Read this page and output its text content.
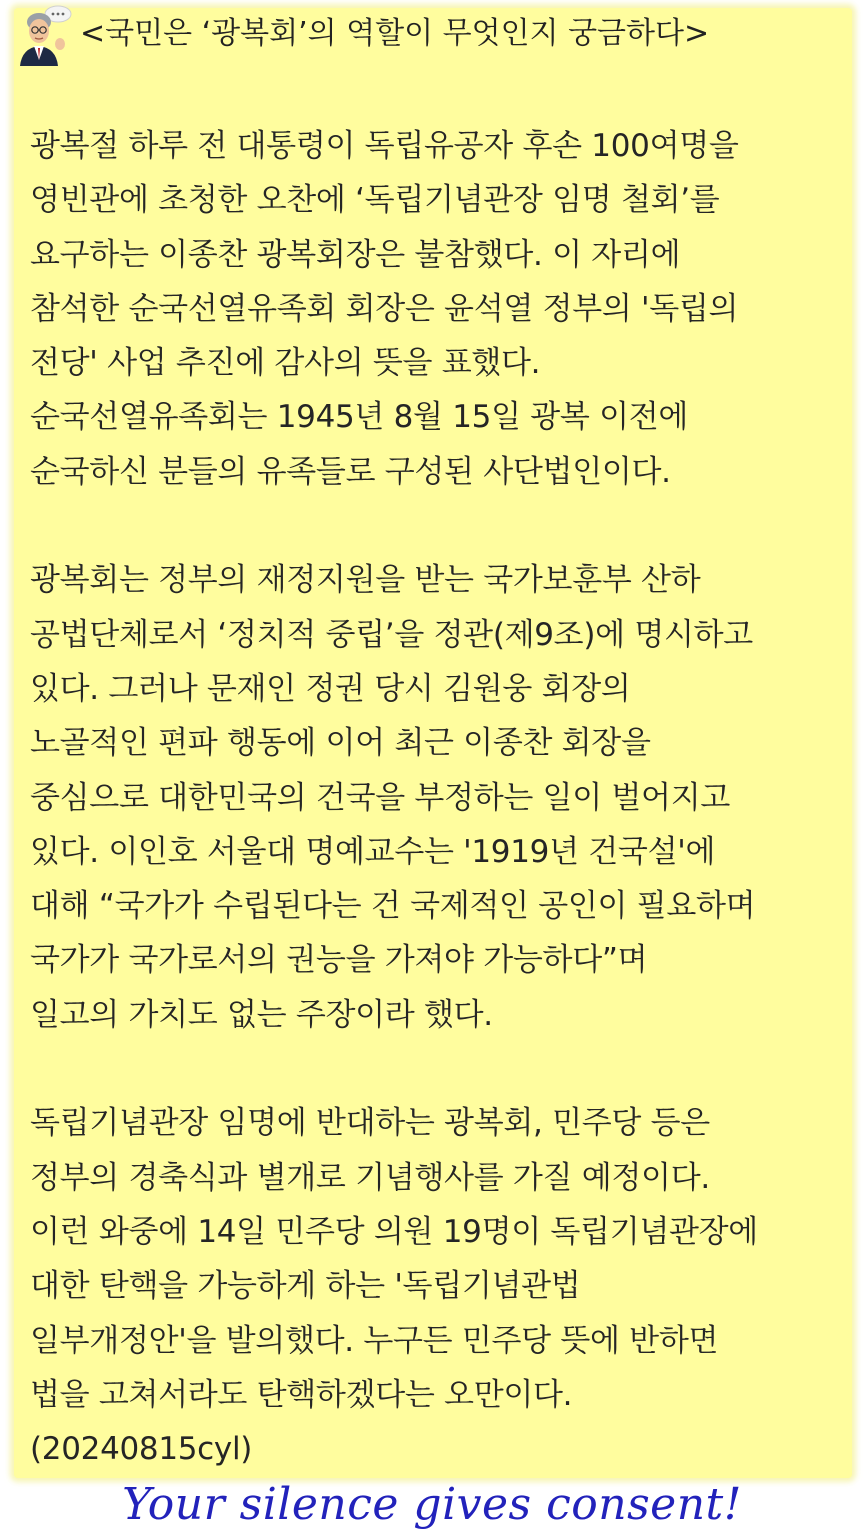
<국민은 ‘광복회’의 역할이 무엇인지 궁금하다>
광복절 하루 전 대통령이 독립유공자 후손 100여명을
영빈관에 초청한 오찬에 ‘독립기념관장 임명 철회’를
요구하는 이종찬 광복회장은 불참했다. 이 자리에
참석한 순국선열유족회 회장은 윤석열 정부의 '독립의
전당' 사업 추진에 감사의 뜻을 표했다.
순국선열유족회는 1945년 8월 15일 광복 이전에
순국하신 분들의 유족들로 구성된 사단법인이다.
광복회는 정부의 재정지원을 받는 국가보훈부 산하
공법단체로서 ‘정치적 중립’을 정관(제9조)에 명시하고
있다. 그러나 문재인 정권 당시 김원웅 회장의
노골적인 편파 행동에 이어 최근 이종찬 회장을
중심으로 대한민국의 건국을 부정하는 일이 벌어지고
있다. 이인호 서울대 명예교수는 '1919년 건국설'에
대해 “국가가 수립된다는 건 국제적인 공인이 필요하며
국가가 국가로서의 권능을 가져야 가능하다”며
일고의 가치도 없는 주장이라 했다.
독립기념관장 임명에 반대하는 광복회, 민주당 등은
정부의 경축식과 별개로 기념행사를 가질 예정이다.
이런 와중에 14일 민주당 의원 19명이 독립기념관장에
대한 탄핵을 가능하게 하는 '독립기념관법
일부개정안'을 발의했다. 누구든 민주당 뜻에 반하면
법을 고쳐서라도 탄핵하겠다는 오만이다.
(20240815cyl)
Your silence gives consent!
